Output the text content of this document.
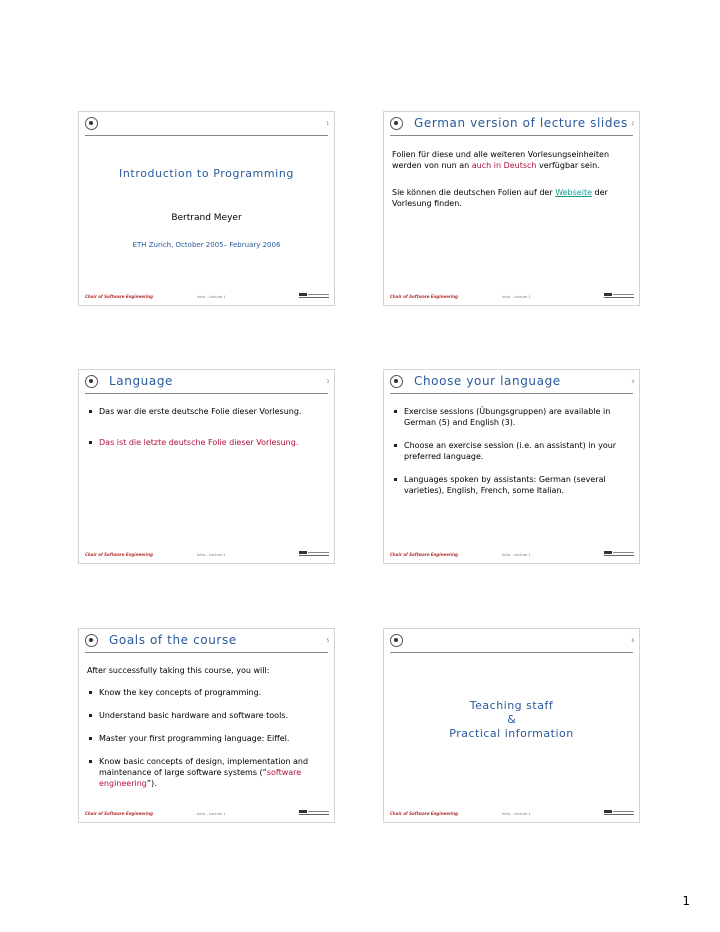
1
Introduction to Programming
Bertrand Meyer
ETH Zurich, October 2005– February 2006
Chair of Software Engineering	Intro – Lecture 1
German version of lecture slides 2
Folien für diese und alle weiteren Vorlesungseinheiten werden von nun an auch in Deutsch verfügbar sein.
Sie können die deutschen Folien auf der Webseite der Vorlesung finden.
Chair of Software Engineering	Intro – Lecture 1
Language	3
Das war die erste deutsche Folie dieser Vorlesung.
Das ist die letzte deutsche Folie dieser Vorlesung.
Chair of Software Engineering	Intro – Lecture 1
Choose your language	4
Exercise sessions (Übungsgruppen) are available in German (5) and English (3).
Choose an exercise session (i.e. an assistant) in your preferred language.
Languages spoken by assistants: German (several varieties), English, French, some Italian.
Chair of Software Engineering	Intro – Lecture 1
Goals of the course	5
After successfully taking this course, you will:
Know the key concepts of programming.
Understand basic hardware and software tools.
Master your first programming language: Eiffel.
Know basic concepts of design, implementation and maintenance of large software systems (“software engineering”).
Chair of Software Engineering	Intro – Lecture 1
6
Teaching staff
&
Practical information
Chair of Software Engineering	Intro – Lecture 1
1
